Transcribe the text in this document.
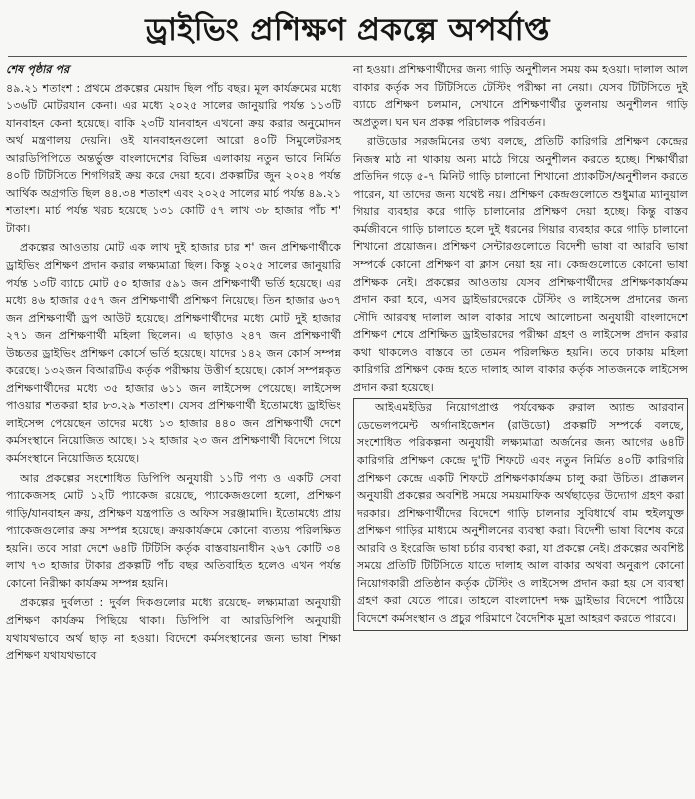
ড্রাইভিং প্রশিক্ষণ প্রকল্পে অপর্যাপ্ত
শেষ পৃষ্ঠার পর

৪৯.২১ শতাংশ : প্রথমে প্রকল্পের মেয়াদ ছিল পাঁচ বছর। মূল কার্যক্রমের মধ্যে ১৩৬টি মোটরযান কেনা। এর মধ্যে ২০২৫ সালের জানুয়ারি পর্যন্ত ১১৩টি যানবাহন কেনা হয়েছে। বাকি ২৩টি যানবাহন এখনো ক্রয় করার অনুমোদন অর্থ মন্ত্রণালয় দেয়নি। ওই যানবাহনগুলো আরো ৪০টি সিমুলেটরসহ আরডিপিপিতে অন্তর্ভুক্ত বাংলাদেশের বিভিন্ন এলাকায় নতুন ভাবে নির্মিত ৪০টি টিটিসিতে শিগগিরই ক্রয় করে দেয়া হবে। প্রকল্পটির জুন ২০২৪ পর্যন্ত আর্থিক অগ্রগতি ছিল ৪৪.৩৪ শতাংশ এবং ২০২৫ সালের মার্চ পর্যন্ত ৪৯.২১ শতাংশ। মার্চ পর্যন্ত খরচ হয়েছে ১৩১ কোটি ৫৭ লাখ ৩৮ হাজার পাঁচ শ' টাকা।

প্রকল্পের আওতায় মোট এক লাখ দুই হাজার চার শ' জন প্রশিক্ষণার্থীকে ড্রাইভিং প্রশিক্ষণ প্রদান করার লক্ষ্যমাত্রা ছিল। কিন্তু ২০২৫ সালের জানুয়ারি পর্যন্ত ১৩টি ব্যাচে মোট ৫০ হাজার ৫৯১ জন প্রশিক্ষণার্থী ভর্তি হয়েছে। এর মধ্যে ৪৬ হাজার ৫৫৭ জন প্রশিক্ষণার্থী প্রশিক্ষণ নিয়েছে। তিন হাজার ৬৩৭ জন প্রশিক্ষণার্থী ড্রপ আউট হয়েছে। প্রশিক্ষণার্থীদের মধ্যে মোট দুই হাজার ২৭১ জন প্রশিক্ষণার্থী মহিলা ছিলেন। এ ছাড়াও ২৪৭ জন প্রশিক্ষণার্থী উচ্চতর ড্রাইভিং প্রশিক্ষণ কোর্সে ভর্তি হয়েছে। যাদের ১৪২ জন কোর্স সম্পন্ন করেছে। ১৩২জন বিআরটিএ কর্তৃক পরীক্ষায় উত্তীর্ণ হয়েছে। কোর্স সম্পন্নকৃত প্রশিক্ষণার্থীদের মধ্যে ৩৫ হাজার ৬১১ জন লাইসেন্স পেয়েছে। লাইসেন্স পাওয়ার শতকরা হার ৮৩.২৯ শতাংশ। যেসব প্রশিক্ষণার্থী ইতোমধ্যে ড্রাইভিং লাইসেন্স পেয়েছেন তাদের মধ্যে ১৩ হাজার ৪৪০ জন প্রশিক্ষণার্থী দেশে কর্মসংস্থানে নিয়োজিত আছে। ১২ হাজার ২৩ জন প্রশিক্ষণার্থী বিদেশে গিয়ে কর্মসংস্থানে নিয়োজিত হয়েছে।

আর প্রকল্পের সংশোধিত ডিপিপি অনুযায়ী ১১টি পণ্য ও একটি সেবা প্যাকেজসহ মোট ১২টি প্যাকেজ রয়েছে, প্যাকেজগুলো হলো, প্রশিক্ষণ গাড়ি/যানবাহন ক্রয়, প্রশিক্ষণ যন্ত্রপাতি ও অফিস সরঞ্জামাদি। ইতোমধ্যে প্রায় প্যাকেজগুলোর ক্রয় সম্পন্ন হয়েছে। ক্রয়কার্যক্রমে কোনো ব্যত্যয় পরিলক্ষিত হয়নি। তবে সারা দেশে ৬৪টি টিটিসি কর্তৃক বাস্তবায়নাধীন ২৬৭ কোটি ৩৪ লাখ ৭৩ হাজার টাকার প্রকল্পটি পাঁচ বছর অতিবাহিত হলেও এখন পর্যন্ত কোনো নিরীক্ষা কার্যক্রম সম্পন্ন হয়নি।

প্রকল্পের দুর্বলতা : দুর্বল দিকগুলোর মধ্যে রয়েছে- লক্ষ্যমাত্রা অনুযায়ী প্রশিক্ষণ কার্যক্রম পিছিয়ে থাকা। ডিপিপি বা আরডিপিপি অনুযায়ী যথাযথভাবে অর্থ ছাড় না হওয়া। বিদেশে কর্মসংস্থানের জন্য ভাষা শিক্ষা প্রশিক্ষণ যথাযথভাবে

না হওয়া। প্রশিক্ষণার্থীদের জন্য গাড়ি অনুশীলন সময় কম হওয়া। দালাল আল বাকার কর্তৃক সব টিটিসিতে টেস্টিং পরীক্ষা না নেয়া। যেসব টিটিসিতে দুই ব্যাচে প্রশিক্ষণ চলমান, সেখানে প্রশিক্ষণার্থীর তুলনায় অনুশীলন গাড়ি অপ্রতুল। ঘন ঘন প্রকল্প পরিচালক পরিবর্তন।

রাউডোর সরজমিনের তথ্য বলছে, প্রতিটি কারিগরি প্রশিক্ষণ কেন্দ্রের নিজস্ব মাঠ না থাকায় অন্য মাঠে গিয়ে অনুশীলন করতে হচ্ছে। শিক্ষার্থীরা প্রতিদিন গড়ে ৫-৭ মিনিট গাড়ি চালানো শিখানো প্র্যাকটিস/অনুশীলন করতে পারেন, যা তাদের জন্য যথেষ্ট নয়। প্রশিক্ষণ কেন্দ্রগুলোতে শুধুমাত্র ম্যানুয়াল গিয়ার ব্যবহার করে গাড়ি চালানোর প্রশিক্ষণ দেয়া হচ্ছে। কিন্তু বাস্তব কর্মজীবনে গাড়ি চালাতে হলে দুই ধরনের গিয়ার ব্যবহার করে গাড়ি চালানো শিখানো প্রয়োজন। প্রশিক্ষণ সেন্টারগুলোতে বিদেশী ভাষা বা আরবি ভাষা সম্পর্কে কোনো প্রশিক্ষণ বা ক্লাস নেয়া হয় না। কেন্দ্রগুলোতে কোনো ভাষা প্রশিক্ষক নেই। প্রকল্পের আওতায় যেসব প্রশিক্ষণার্থীদের প্রশিক্ষণকার্যক্রম প্রদান করা হবে, এসব ড্রাইভারদেরকে টেস্টিং ও লাইসেন্স প্রদানের জন্য সৌদি আরবস্থ দালাল আল বাকার সাথে আলোচনা অনুযায়ী বাংলাদেশে প্রশিক্ষণ শেষে প্রশিক্ষিত ড্রাইভারদের পরীক্ষা গ্রহণ ও লাইসেন্স প্রদান করার কথা থাকলেও বাস্তবে তা তেমন পরিলক্ষিত হয়নি। তবে ঢাকায় মহিলা কারিগরি প্রশিক্ষণ কেন্দ্র হতে দালাহ আল বাকার কর্তৃক সাতজনকে লাইসেন্স প্রদান করা হয়েছে।

আইএমইডির নিয়োগপ্রাপ্ত পর্যবেক্ষক রুরাল অ্যান্ড আরবান ডেভেলপমেন্ট অর্গানাইজেশন (রাউডো) প্রকল্পটি সম্পর্কে বলছে, সংশোধিত পরিকল্পনা অনুযায়ী লক্ষ্যমাত্রা অর্জনের জন্য আগের ৬৪টি কারিগরি প্রশিক্ষণ কেন্দ্রে দু'টি শিফটে এবং নতুন নির্মিত ৪০টি কারিগরি প্রশিক্ষণ কেন্দ্রে একটি শিফটে প্রশিক্ষণকার্যক্রম চালু করা উচিত। প্রাক্কলন অনুযায়ী প্রকল্পের অবশিষ্ট সময়ে সময়মাফিক অর্থছাড়ের উদ্যোগ গ্রহণ করা দরকার। প্রশিক্ষণার্থীদের বিদেশে গাড়ি চালনার সুবিধার্থে বাম হুইলযুক্ত প্রশিক্ষণ গাড়ির মাধ্যমে অনুশীলনের ব্যবস্থা করা। বিদেশী ভাষা বিশেষ করে আরবি ও ইংরেজি ভাষা চর্চার ব্যবস্থা করা, যা প্রকল্পে নেই। প্রকল্পের অবশিষ্ট সময়ে প্রতিটি টিটিসিতে যাতে দালাহ আল বাকার অথবা অনুরূপ কোনো নিয়োগকারী প্রতিষ্ঠান কর্তৃক টেস্টিং ও লাইসেন্স প্রদান করা হয় সে ব্যবস্থা গ্রহণ করা যেতে পারে। তাহলে বাংলাদেশ দক্ষ ড্রাইভার বিদেশে পাঠিয়ে বিদেশে কর্মসংস্থান ও প্রচুর পরিমাণে বৈদেশিক মুদ্রা আহরণ করতে পারবে।
